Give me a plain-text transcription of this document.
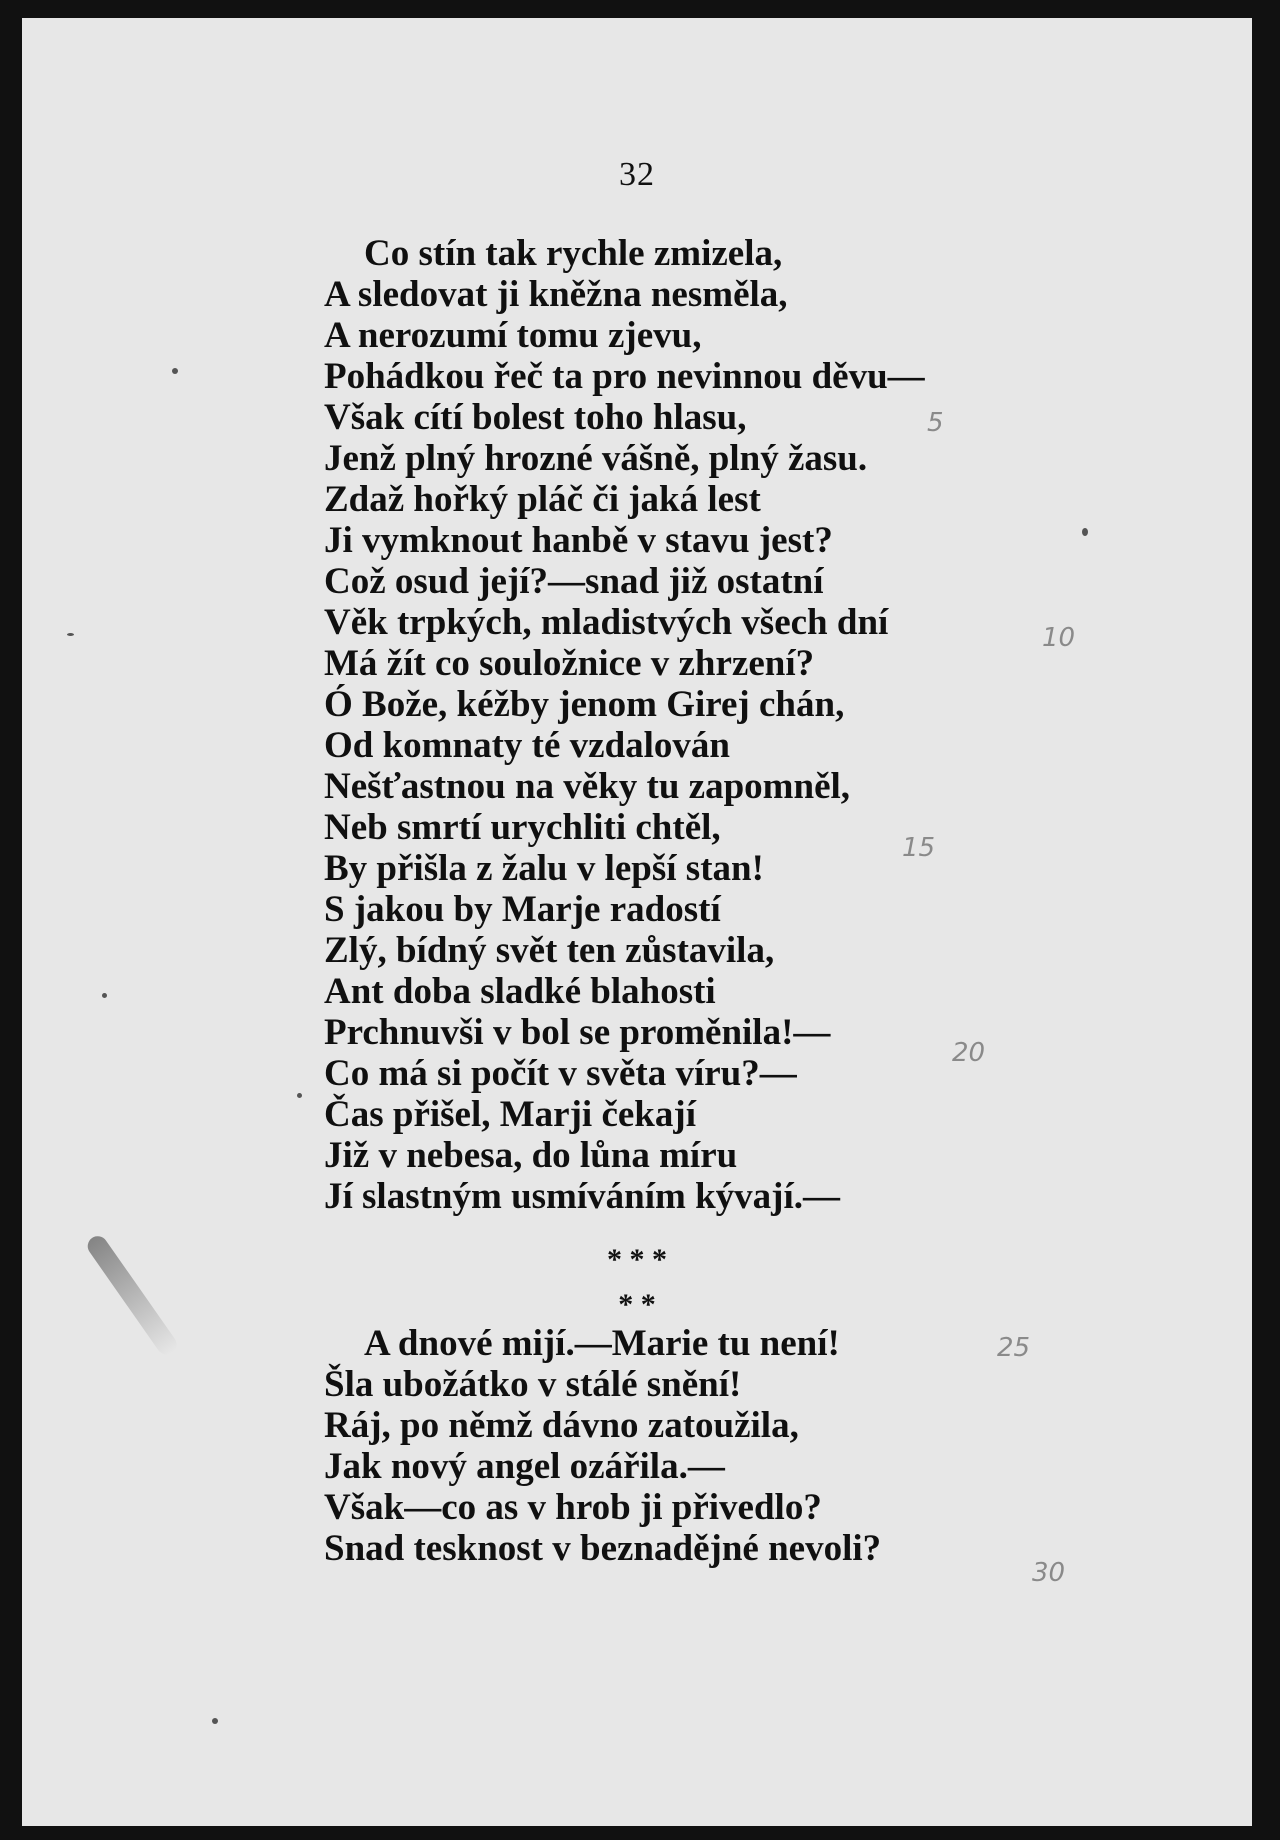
32
Co stín tak rychle zmizela,
A sledovat ji kněžna nesměla,
A nerozumí tomu zjevu,
Pohádkou řeč ta pro nevinnou děvu—
Však cítí bolest toho hlasu,
Jenž plný hrozné vášně, plný žasu.
Zdaž hořký pláč či jaká lest
Ji vymknout hanbě v stavu jest?
Což osud její?—snad již ostatní
Věk trpkých, mladistvých všech dní
Má žít co souložnice v zhrzení?
Ó Bože, kéžby jenom Girej chán,
Od komnaty té vzdalován
Nešťastnou na věky tu zapomněl,
Neb smrtí urychliti chtěl,
By přišla z žalu v lepší stan!
S jakou by Marje radostí
Zlý, bídný svět ten zůstavila,
Ant doba sladké blahosti
Prchnuvši v bol se proměnila!—
Co má si počít v světa víru?—
Čas přišel, Marji čekají
Již v nebesa, do lůna míru
Jí slastným usmíváním kývají.—
* * *
* *
A dnové mijí.—Marie tu není!
Šla ubožátko v stálé snění!
Ráj, po němž dávno zatoužila,
Jak nový angel ozářila.—
Však—co as v hrob ji přivedlo?
Snad tesknost v beznadějné nevoli?
5
10
15
20
25
30
